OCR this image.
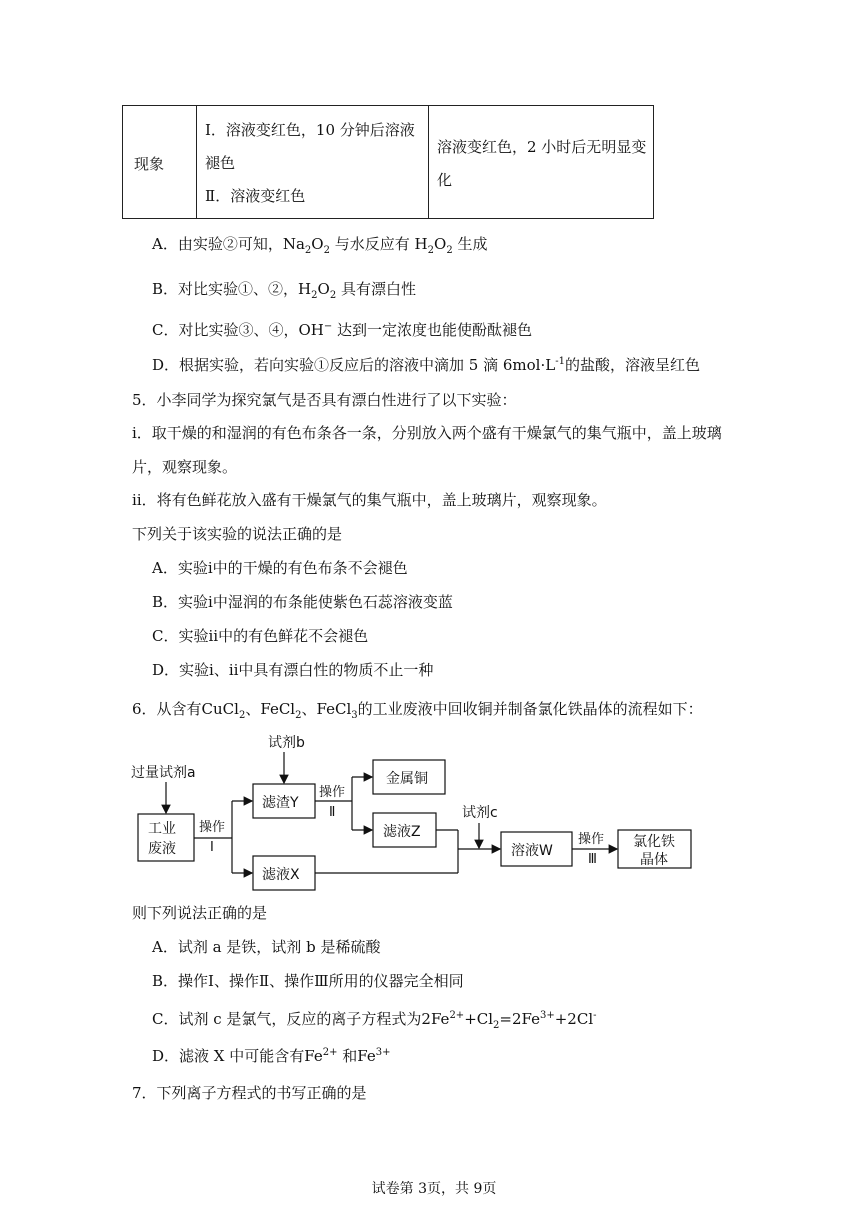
现象
Ⅰ．溶液变红色，10 分钟后溶液
褪色
Ⅱ．溶液变红色
溶液变红色，2 小时后无明显变
化
A．由实验②可知，$Na_2O_2$ 与水反应有 $H_2O_2$ 生成
B．对比实验①、②，$H_2O_2$ 具有漂白性
C．对比实验③、④，OH− 达到一定浓度也能使酚酞褪色
D．根据实验，若向实验①反应后的溶液中滴加 5 滴 $6mol\cdot L^{-1}$的盐酸，溶液呈红色
5．小李同学为探究氯气是否具有漂白性进行了以下实验：
ⅰ．取干燥的和湿润的有色布条各一条，分别放入两个盛有干燥氯气的集气瓶中，盖上玻璃
片，观察现象。
ⅱ．将有色鲜花放入盛有干燥氯气的集气瓶中，盖上玻璃片，观察现象。
下列关于该实验的说法正确的是
A．实验ⅰ中的干燥的有色布条不会褪色
B．实验ⅰ中湿润的布条能使紫色石蕊溶液变蓝
C．实验ⅱ中的有色鲜花不会褪色
D．实验ⅰ、ⅱ中具有漂白性的物质不止一种
6．从含有CuCl$_2$、FeCl$_2$、FeCl$_3$的工业废液中回收铜并制备氯化铁晶体的流程如下：
试剂b
过量试剂a
工业
废液
操作
Ⅰ
滤渣Y
操作
Ⅱ
金属铜
滤液Z
滤液X
试剂c
溶液W
操作
Ⅲ
氯化铁
晶体
则下列说法正确的是
A．试剂 a 是铁，试剂 b 是稀硫酸
B．操作Ⅰ、操作Ⅱ、操作Ⅲ所用的仪器完全相同
C．试剂 c 是氯气，反应的离子方程式为$2Fe^{2+}+Cl_2=2Fe^{3+}+2Cl^-$
D．滤液 X 中可能含有$Fe^{2+}$ 和$Fe^{3+}$
7．下列离子方程式的书写正确的是
试卷第 3页，共 9页
